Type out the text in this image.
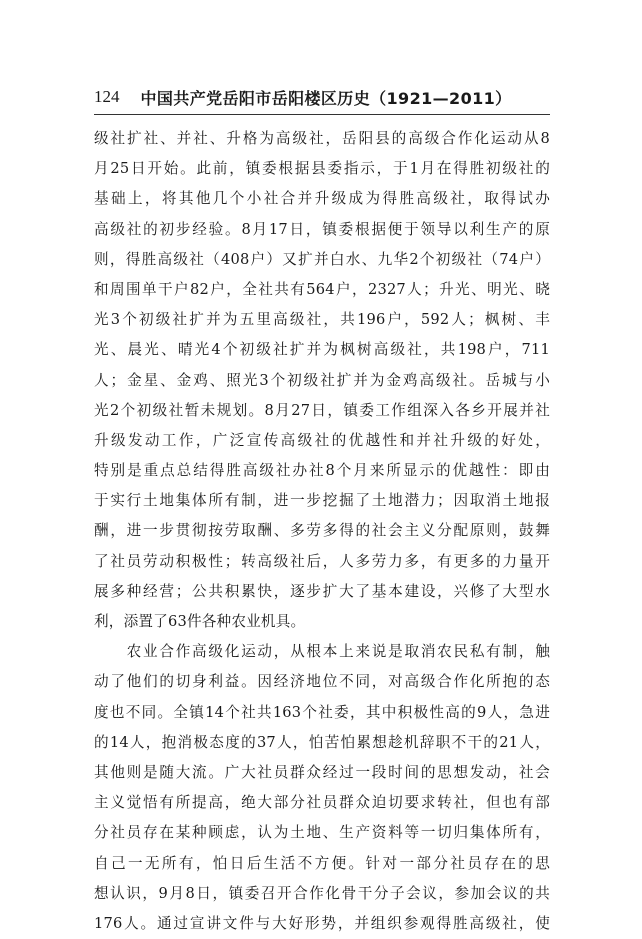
124 中国共产党岳阳市岳阳楼区历史（1921—2011）
级社扩社、并社、升格为高级社，岳阳县的高级合作化运动从8
月25日开始。此前，镇委根据县委指示，于1月在得胜初级社的
基础上，将其他几个小社合并升级成为得胜高级社，取得试办
高级社的初步经验。8月17日，镇委根据便于领导以利生产的原
则，得胜高级社（408户）又扩并白水、九华2个初级社（74户）
和周围单干户82户，全社共有564户，2327人；升光、明光、晓
光3个初级社扩并为五里高级社，共196户，592人；枫树、丰
光、晨光、晴光4个初级社扩并为枫树高级社，共198户，711
人；金星、金鸡、照光3个初级社扩并为金鸡高级社。岳城与小
光2个初级社暂未规划。8月27日，镇委工作组深入各乡开展并社
升级发动工作，广泛宣传高级社的优越性和并社升级的好处，
特别是重点总结得胜高级社办社8个月来所显示的优越性：即由
于实行土地集体所有制，进一步挖掘了土地潜力；因取消土地报
酬，进一步贯彻按劳取酬、多劳多得的社会主义分配原则，鼓舞
了社员劳动积极性；转高级社后，人多劳力多，有更多的力量开
展多种经营；公共积累快，逐步扩大了基本建设，兴修了大型水
利，添置了63件各种农业机具。
　　农业合作高级化运动，从根本上来说是取消农民私有制，触
动了他们的切身利益。因经济地位不同，对高级合作化所抱的态
度也不同。全镇14个社共163个社委，其中积极性高的9人，急进
的14人，抱消极态度的37人，怕苦怕累想趁机辞职不干的21人，
其他则是随大流。广大社员群众经过一段时间的思想发动，社会
主义觉悟有所提高，绝大部分社员群众迫切要求转社，但也有部
分社员存在某种顾虑，认为土地、生产资料等一切归集体所有，
自己一无所有，怕日后生活不方便。针对一部分社员存在的思
想认识，9月8日，镇委召开合作化骨干分子会议，参加会议的共
176人。通过宣讲文件与大好形势，并组织参观得胜高级社，使
